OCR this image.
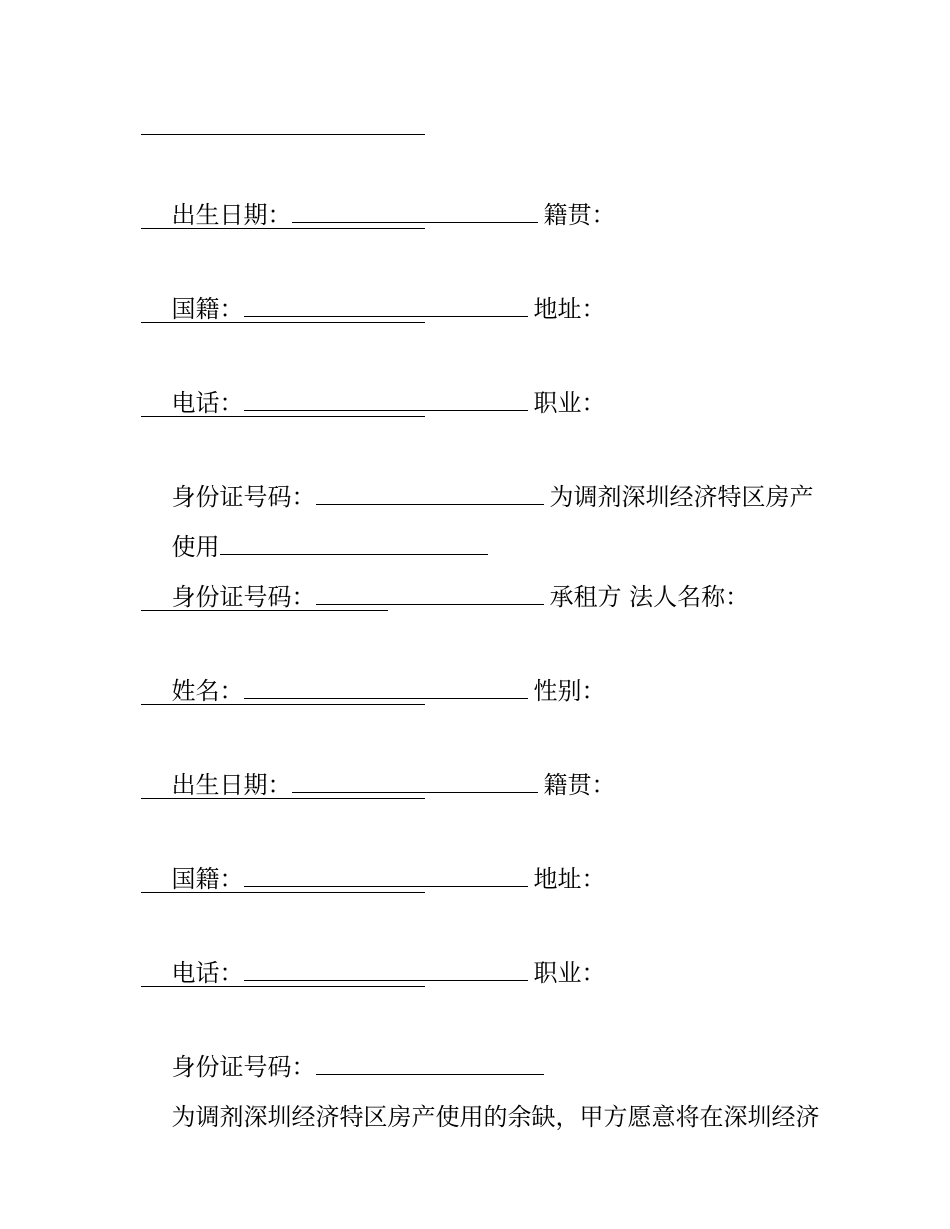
出生日期：	籍贯：

国籍：	地址：

电话：	职业：

身份证号码：	为调剂深圳经济特区房产

使用

身份证号码：	承租方 法人名称：

姓名：	性别：

出生日期：	籍贯：

国籍：	地址：

电话：	职业：

身份证号码：

为调剂深圳经济特区房产使用的余缺，甲方愿意将在深圳经济
